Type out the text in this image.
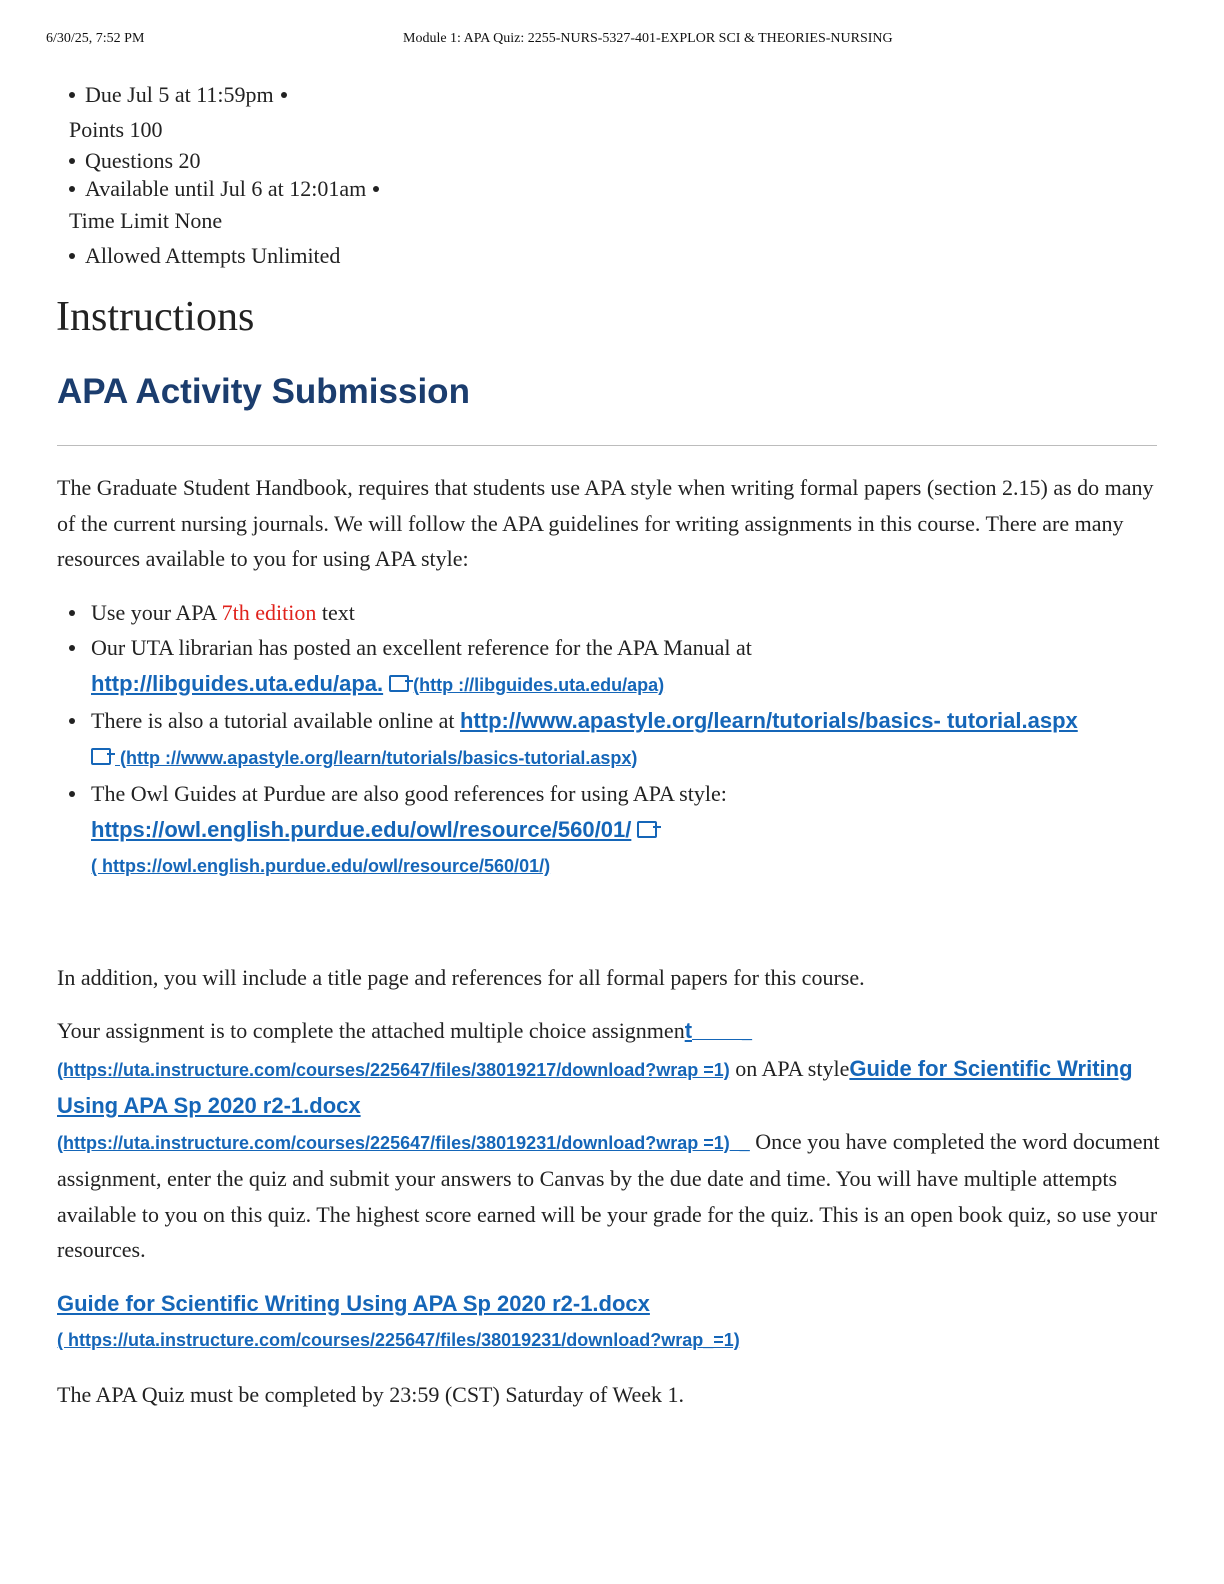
6/30/25, 7:52 PM	Module 1: APA Quiz: 2255-NURS-5327-401-EXPLOR SCI & THEORIES-NURSING
Due Jul 5 at 11:59pm
Points 100
Questions 20
Available until Jul 6 at 12:01am
Time Limit None
Allowed Attempts Unlimited
Instructions
APA Activity Submission

The Graduate Student Handbook, requires that students use APA style when writing formal papers (section 2.15) as do many of the current nursing journals. We will follow the APA guidelines for writing assignments in this course. There are many resources available to you for using APA style:

Use your APA 7th edition text
Our UTA librarian has posted an excellent reference for the APA Manual at
http://libguides.uta.edu/apa. (http ://libguides.uta.edu/apa)
There is also a tutorial available online at http://www.apastyle.org/learn/tutorials/basics- tutorial.aspx
(http ://www.apastyle.org/learn/tutorials/basics-tutorial.aspx)
The Owl Guides at Purdue are also good references for using APA style:
https://owl.english.purdue.edu/owl/resource/560/01/
( https://owl.english.purdue.edu/owl/resource/560/01/)

In addition, you will include a title page and references for all formal papers for this course.

Your assignment is to complete the attached multiple choice assignment          _
(https://uta.instructure.com/courses/225647/files/38019217/download?wrap =1) on APA styleGuide for Scientific Writing Using APA Sp 2020 r2-1.docx
(https://uta.instructure.com/courses/225647/files/38019231/download?wrap =1)  _ Once you have completed the word document assignment, enter the quiz and submit your answers to Canvas by the due date and time. You will have multiple attempts available to you on this quiz. The highest score earned will be your grade for the quiz. This is an open book quiz, so use your resources.

Guide for Scientific Writing Using APA Sp 2020 r2-1.docx
( https://uta.instructure.com/courses/225647/files/38019231/download?wrap_=1)

The APA Quiz must be completed by 23:59 (CST) Saturday of Week 1.
